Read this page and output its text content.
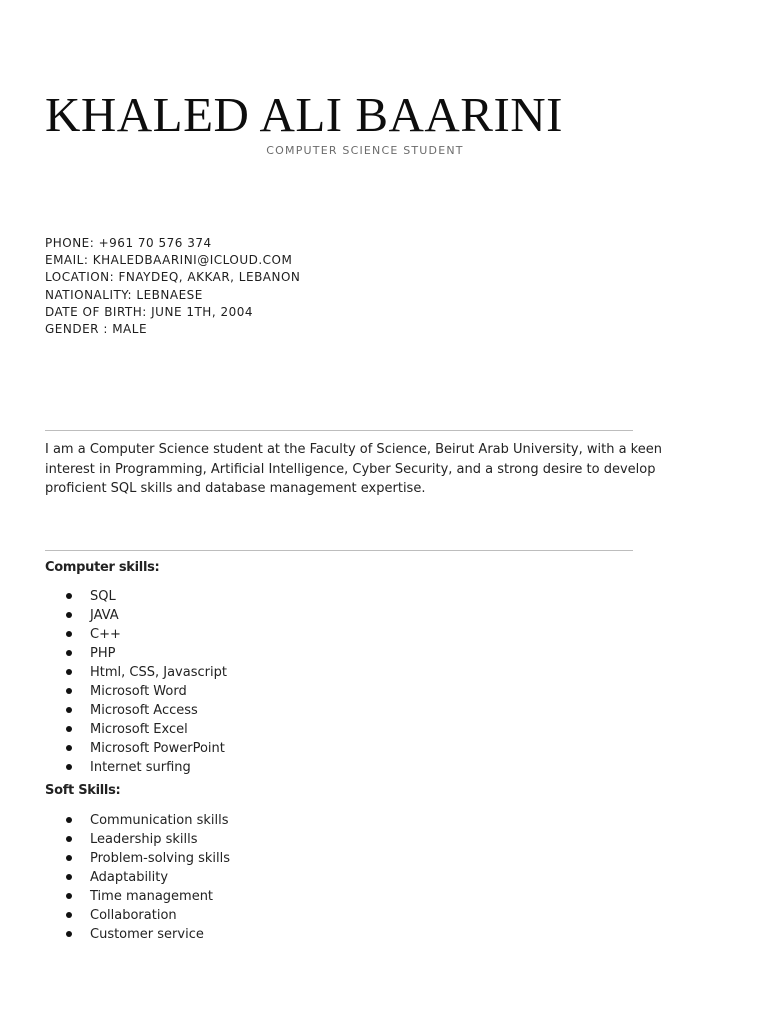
KHALED ALI BAARINI
COMPUTER SCIENCE STUDENT
PHONE: +961 70 576 374
EMAIL: KHALEDBAARINI@ICLOUD.COM
LOCATION: FNAYDEQ, AKKAR, LEBANON
NATIONALITY: LEBNAESE
DATE OF BIRTH: JUNE 1TH, 2004
GENDER : MALE
I am a Computer Science student at the Faculty of Science, Beirut Arab University, with a keen interest in Programming, Artificial Intelligence, Cyber Security, and a strong desire to develop proficient SQL skills and database management expertise.
Computer skills:
SQL
JAVA
C++
PHP
Html, CSS, Javascript
Microsoft Word
Microsoft Access
Microsoft Excel
Microsoft PowerPoint
Internet surfing
Soft Skills:
Communication skills
Leadership skills
Problem-solving skills
Adaptability
Time management
Collaboration
Customer service
